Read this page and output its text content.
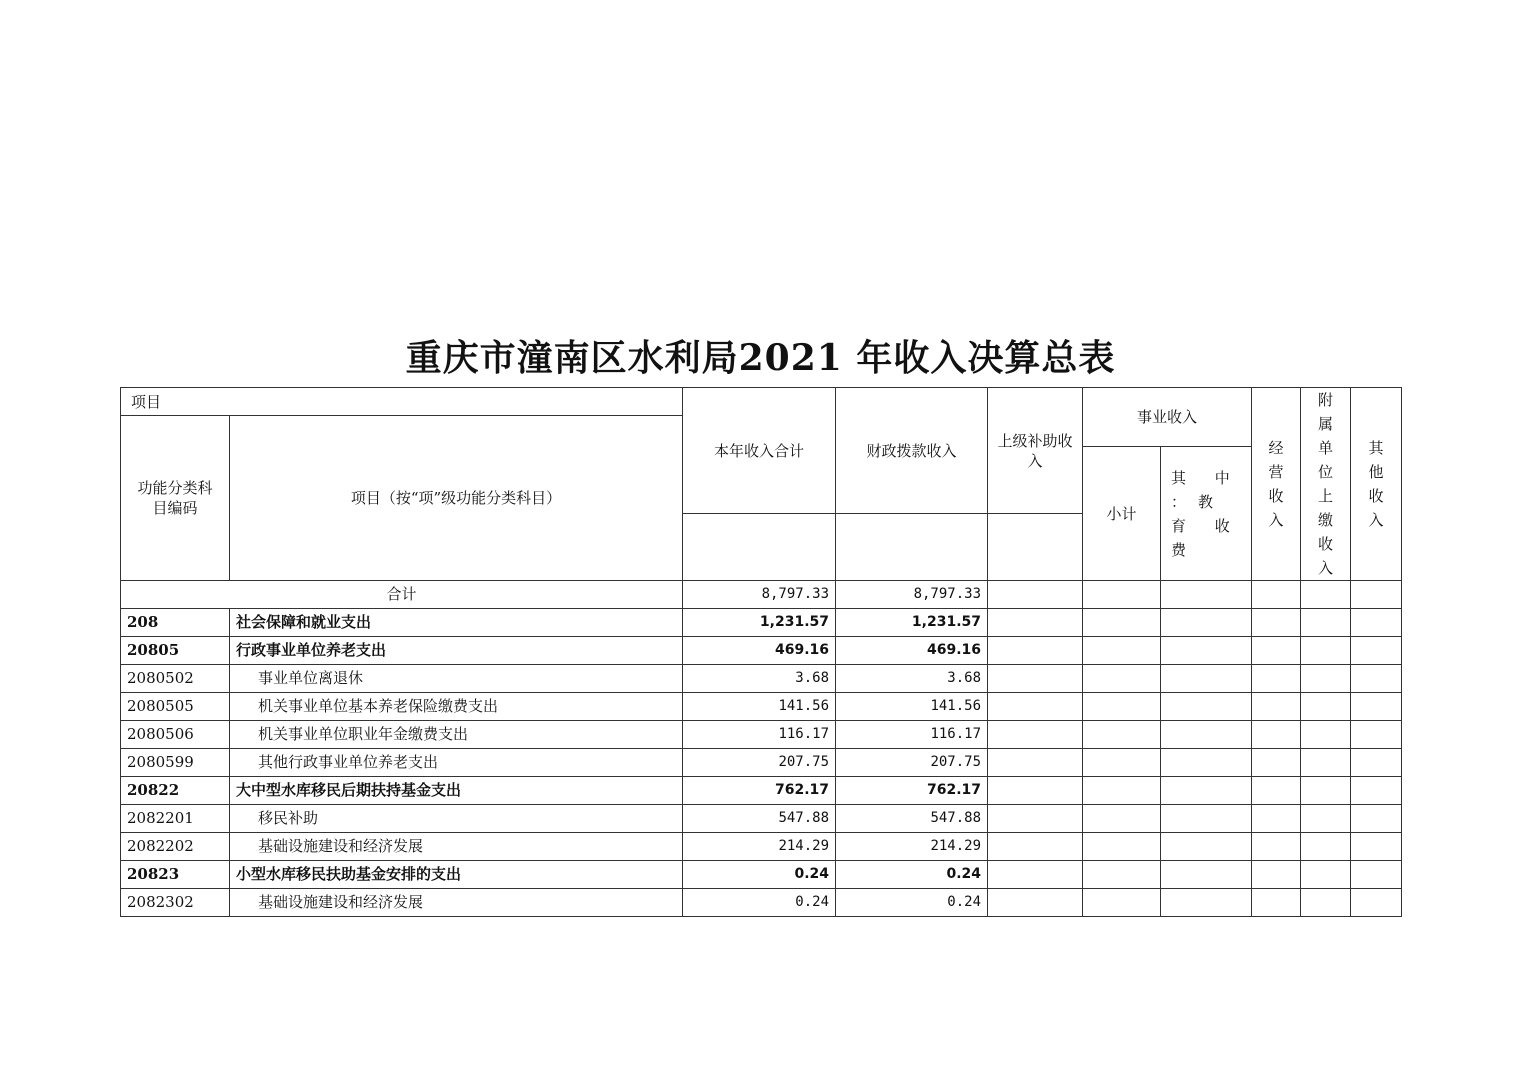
重庆市潼南区水利局2021 年收入决算总表
项目		本年收入合计	财政拨款收入	上级补助收入	事业收入		经营收入	附属单位上缴收入	其他收入

功能分类科目编码	项目（按“项”级功能分类科目）								
					小计	其 中 ：教 育 收费			

合计		8,797.33	8,797.33						
208	社会保障和就业支出	1,231.57	1,231.57						
20805	行政事业单位养老支出	469.16	469.16						
2080502	事业单位离退休	3.68	3.68						
2080505	机关事业单位基本养老保险缴费支出	141.56	141.56						
2080506	机关事业单位职业年金缴费支出	116.17	116.17						
2080599	其他行政事业单位养老支出	207.75	207.75						
20822	大中型水库移民后期扶持基金支出	762.17	762.17						
2082201	移民补助	547.88	547.88						
2082202	基础设施建设和经济发展	214.29	214.29						
20823	小型水库移民扶助基金安排的支出	0.24	0.24						
2082302	基础设施建设和经济发展	0.24	0.24						
